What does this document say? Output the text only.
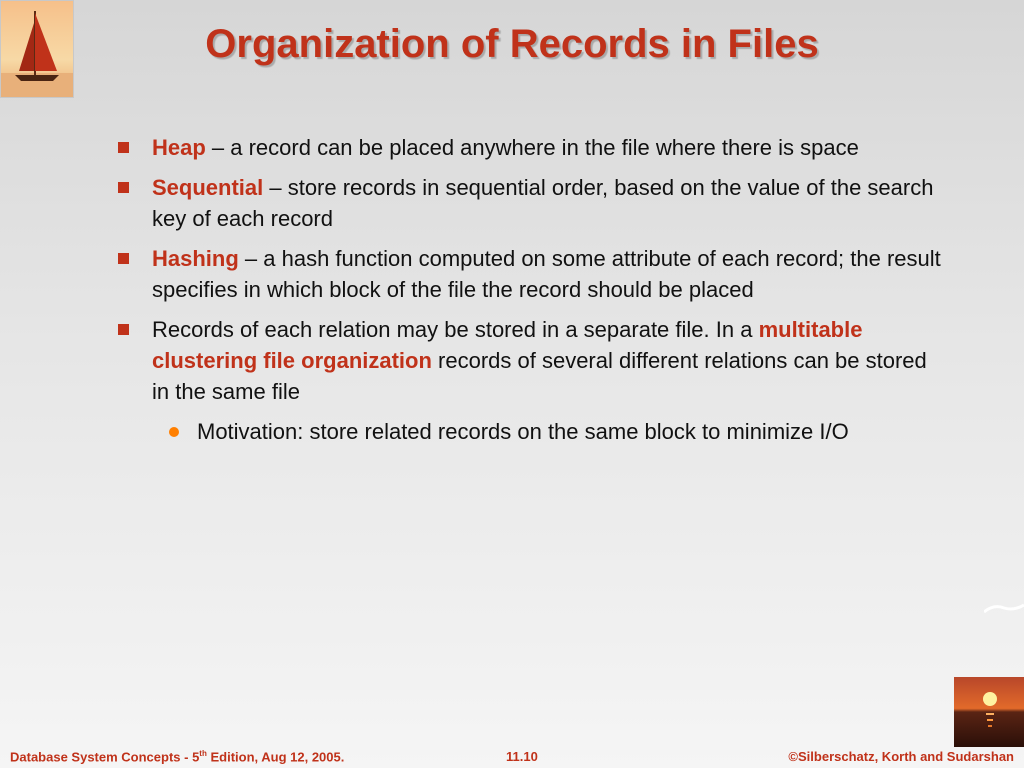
Organization of Records in Files
Heap – a record can be placed anywhere in the file where there is space
Sequential – store records in sequential order, based on the value of the search key of each record
Hashing – a hash function computed on some attribute of each record; the result specifies in which block of the file the record should be placed
Records of each relation may be stored in a separate file. In a multitable clustering file organization records of several different relations can be stored in the same file
Motivation: store related records on the same block to minimize I/O
Database System Concepts - 5th Edition, Aug 12, 2005.	11.10	©Silberschatz, Korth and Sudarshan
